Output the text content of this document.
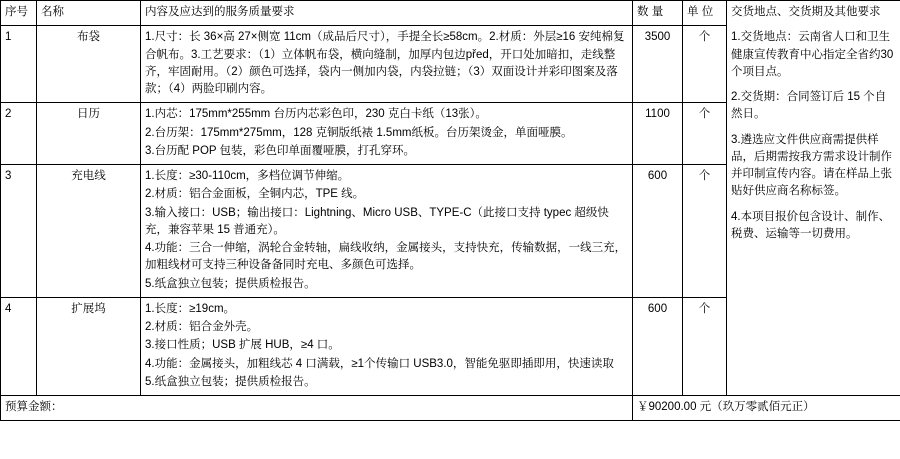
序号	名称	内容及应达到的服务质量要求	数 量	单 位	交货地点、交货期及其他要求

1.交货地点：云南省人口和卫生健康宣传教育中心指定全省约30个项目点。

2.交货期：合同签订后 15 个自然日。

3.遴选应文件供应商需提供样品，后期需按我方需求设计制作并印制宣传内容。请在样品上张贴好供应商名称标签。

4.本项目报价包含设计、制作、税费、运输等一切费用。

1	布袋	1.尺寸：长 36×高 27×侧宽 11cm（成品后尺寸），手提全长≥58cm。2.材质：外层≥16 安纯棉复合帆布。3.工艺要求：（1）立体帆布袋，横向缝制，加厚内包边před，开口处加暗扣，走线整齐，牢固耐用。（2）颜色可选择，袋内一侧加内袋，内袋拉链；（3）双面设计并彩印图案及落款；（4）两脸印刷内容。	3500	个	
2	日历	1.内芯：175mm*255mm 台历内芯彩色印，230 克白卡纸（13张）。

2.台历架：175mm*275mm，128 克铜版纸裱 1.5mm纸板。台历架烫金，单面哑膜。

3.台历配 POP 包装，彩色印单面覆哑膜，打孔穿环。	1100	个	
3	充电线	1.长度：≥30-110cm，多档位调节伸缩。

2.材质：铝合金面板，全铜内芯，TPE 线。

3.输入接口：USB；输出接口：Lightning、Micro USB、TYPE-C（此接口支持 typec 超级快充，兼容苹果 15 普通充）。

4.功能：三合一伸缩，涡轮合金转轴，扁线收纳，金属接头，支持快充，传输数据，一线三充，加粗线材可支持三种设备备同时充电、多颜色可选择。

5.纸盒独立包装；提供质检报告。	600	个	
4	扩展坞	1.长度：≥19cm。

2.材质：铝合金外壳。

3.接口性质；USB 扩展 HUB，≥4 口。

4.功能：金属接头，加粗线芯 4 口满载，≥1个传输口 USB3.0，智能免驱即插即用，快速读取

5.纸盒独立包装；提供质检报告。	600	个	
预算金额：			￥90200.00 元（玖万零贰佰元正）		
